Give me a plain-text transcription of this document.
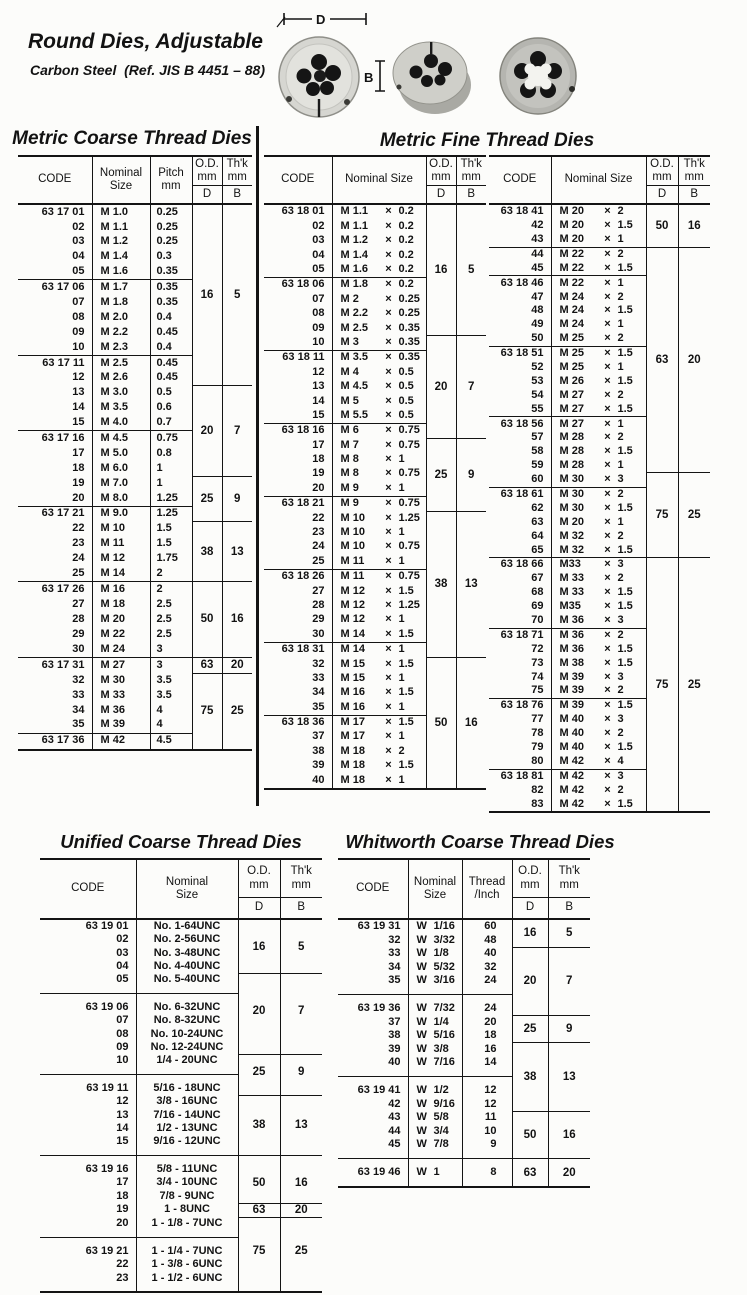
Round Dies, Adjustable
Carbon Steel  (Ref. JIS B 4451 – 88)
D
B
Metric Coarse Thread Dies	Metric Fine Thread Dies
CODE	Nominal
Size	Pitch
mm	O.D.
mm	Th'k
mm
			D	B
63 17 01	M 1.0	0.25	16	5
02	M 1.1	0.25		
03	M 1.2	0.25		
04	M 1.4	0.3		
05	M 1.6	0.35		
63 17 06	M 1.7	0.35		
07	M 1.8	0.35		
08	M 2.0	0.4		
09	M 2.2	0.45		
10	M 2.3	0.4		
63 17 11	M 2.5	0.45		
12	M 2.6	0.45		
13	M 3.0	0.5	20	7
14	M 3.5	0.6		
15	M 4.0	0.7		
63 17 16	M 4.5	0.75		
17	M 5.0	0.8		
18	M 6.0	1		
19	M 7.0	1	25	9
20	M 8.0	1.25		
63 17 21	M 9.0	1.25		
22	M 10	1.5	38	13
23	M 11	1.5		
24	M 12	1.75		
25	M 14	2		
63 17 26	M 16	2	50	16
27	M 18	2.5		
28	M 20	2.5		
29	M 22	2.5		
30	M 24	3		
63 17 31	M 27	3	63	20
32	M 30	3.5	75	25
33	M 33	3.5		
34	M 36	4		
35	M 39	4		
63 17 36	M 42	4.5		
CODE	Nominal Size	O.D.
mm	Th'k
mm
		D	B
63 18 01	M 1.1 × 0.2	16	5
02	M 1.1 × 0.2		
03	M 1.2 × 0.2		
04	M 1.4 × 0.2		
05	M 1.6 × 0.2		
63 18 06	M 1.8 × 0.2		
07	M 2 × 0.25		
08	M 2.2 × 0.25		
09	M 2.5 × 0.35		
10	M 3 × 0.35	20	7
63 18 11	M 3.5 × 0.35		
12	M 4 × 0.5		
13	M 4.5 × 0.5		
14	M 5 × 0.5		
15	M 5.5 × 0.5		
63 18 16	M 6 × 0.75		
17	M 7 × 0.75	25	9
18	M 8 × 1		
19	M 8 × 0.75		
20	M 9 × 1		
63 18 21	M 9 × 0.75		
22	M 10 × 1.25	38	13
23	M 10 × 1		
24	M 10 × 0.75		
25	M 11 × 1		
63 18 26	M 11 × 0.75		
27	M 12 × 1.5		
28	M 12 × 1.25		
29	M 12 × 1		
30	M 14 × 1.5		
63 18 31	M 14 × 1		
32	M 15 × 1.5	50	16
33	M 15 × 1		
34	M 16 × 1.5		
35	M 16 × 1		
63 18 36	M 17 × 1.5		
37	M 17 × 1		
38	M 18 × 2		
39	M 18 × 1.5		
40	M 18 × 1		
CODE	Nominal Size	O.D.
mm	Th'k
mm
		D	B
63 18 41	M 20 × 2	50	16
42	M 20 × 1.5		
43	M 20 × 1		
44	M 22 × 2	63	20
45	M 22 × 1.5		
63 18 46	M 22 × 1		
47	M 24 × 2		
48	M 24 × 1.5		
49	M 24 × 1		
50	M 25 × 2		
63 18 51	M 25 × 1.5		
52	M 25 × 1		
53	M 26 × 1.5		
54	M 27 × 2		
55	M 27 × 1.5		
63 18 56	M 27 × 1		
57	M 28 × 2		
58	M 28 × 1.5		
59	M 28 × 1		
60	M 30 × 3	75	25
63 18 61	M 30 × 2		
62	M 30 × 1.5		
63	M 20 × 1		
64	M 32 × 2		
65	M 32 × 1.5		
63 18 66	M33 × 3	75	25
67	M 33 × 2		
68	M 33 × 1.5		
69	M35 × 1.5		
70	M 36 × 3		
63 18 71	M 36 × 2		
72	M 36 × 1.5		
73	M 38 × 1.5		
74	M 39 × 3		
75	M 39 × 2		
63 18 76	M 39 × 1.5		
77	M 40 × 3		
78	M 40 × 2		
79	M 40 × 1.5		
80	M 42 × 4		
63 18 81	M 42 × 3		
82	M 42 × 2		
83	M 42 × 1.5		
Unified Coarse Thread Dies	Whitworth Coarse Thread Dies
CODE	Nominal
Size	O.D.
mm	Th'k
mm
		D	B
63 19 01	No. 1-64UNC	16	5
02	No. 2-56UNC		
03	No. 3-48UNC		
04	No. 4-40UNC		
05	No. 5-40UNC	20	7
63 19 06	No. 6-32UNC		
07	No. 8-32UNC		
08	No. 10-24UNC		
09	No. 12-24UNC		
10	1/4 - 20UNC	25	9
63 19 11	5/16 - 18UNC		
12	3/8 - 16UNC	38	13
13	7/16 - 14UNC		
14	1/2 - 13UNC		
15	9/16 - 12UNC		
63 19 16	5/8 - 11UNC	50	16
17	3/4 - 10UNC		
18	7/8 - 9UNC		
19	1 - 8UNC	63	20
20	1 - 1/8 - 7UNC	75	25
63 19 21	1 - 1/4 - 7UNC		
22	1 - 3/8 - 6UNC		
23	1 - 1/2 - 6UNC		
CODE	Nominal
Size	Thread
/Inch	O.D.
mm	Th'k
mm
			D	B
63 19 31	W 1/16	60	16	5
32	W 3/32	48		
33	W 1/8	40	20	7
34	W 5/32	32		
35	W 3/16	24		
63 19 36	W 7/32	24		
37	W 1/4	20	25	9
38	W 5/16	18		
39	W 3/8	16	38	13
40	W 7/16	14		
63 19 41	W 1/2	12		
42	W 9/16	12		
43	W 5/8	11	50	16
44	W 3/4	10		
45	W 7/8	9		
63 19 46	W 1	8	63	20
